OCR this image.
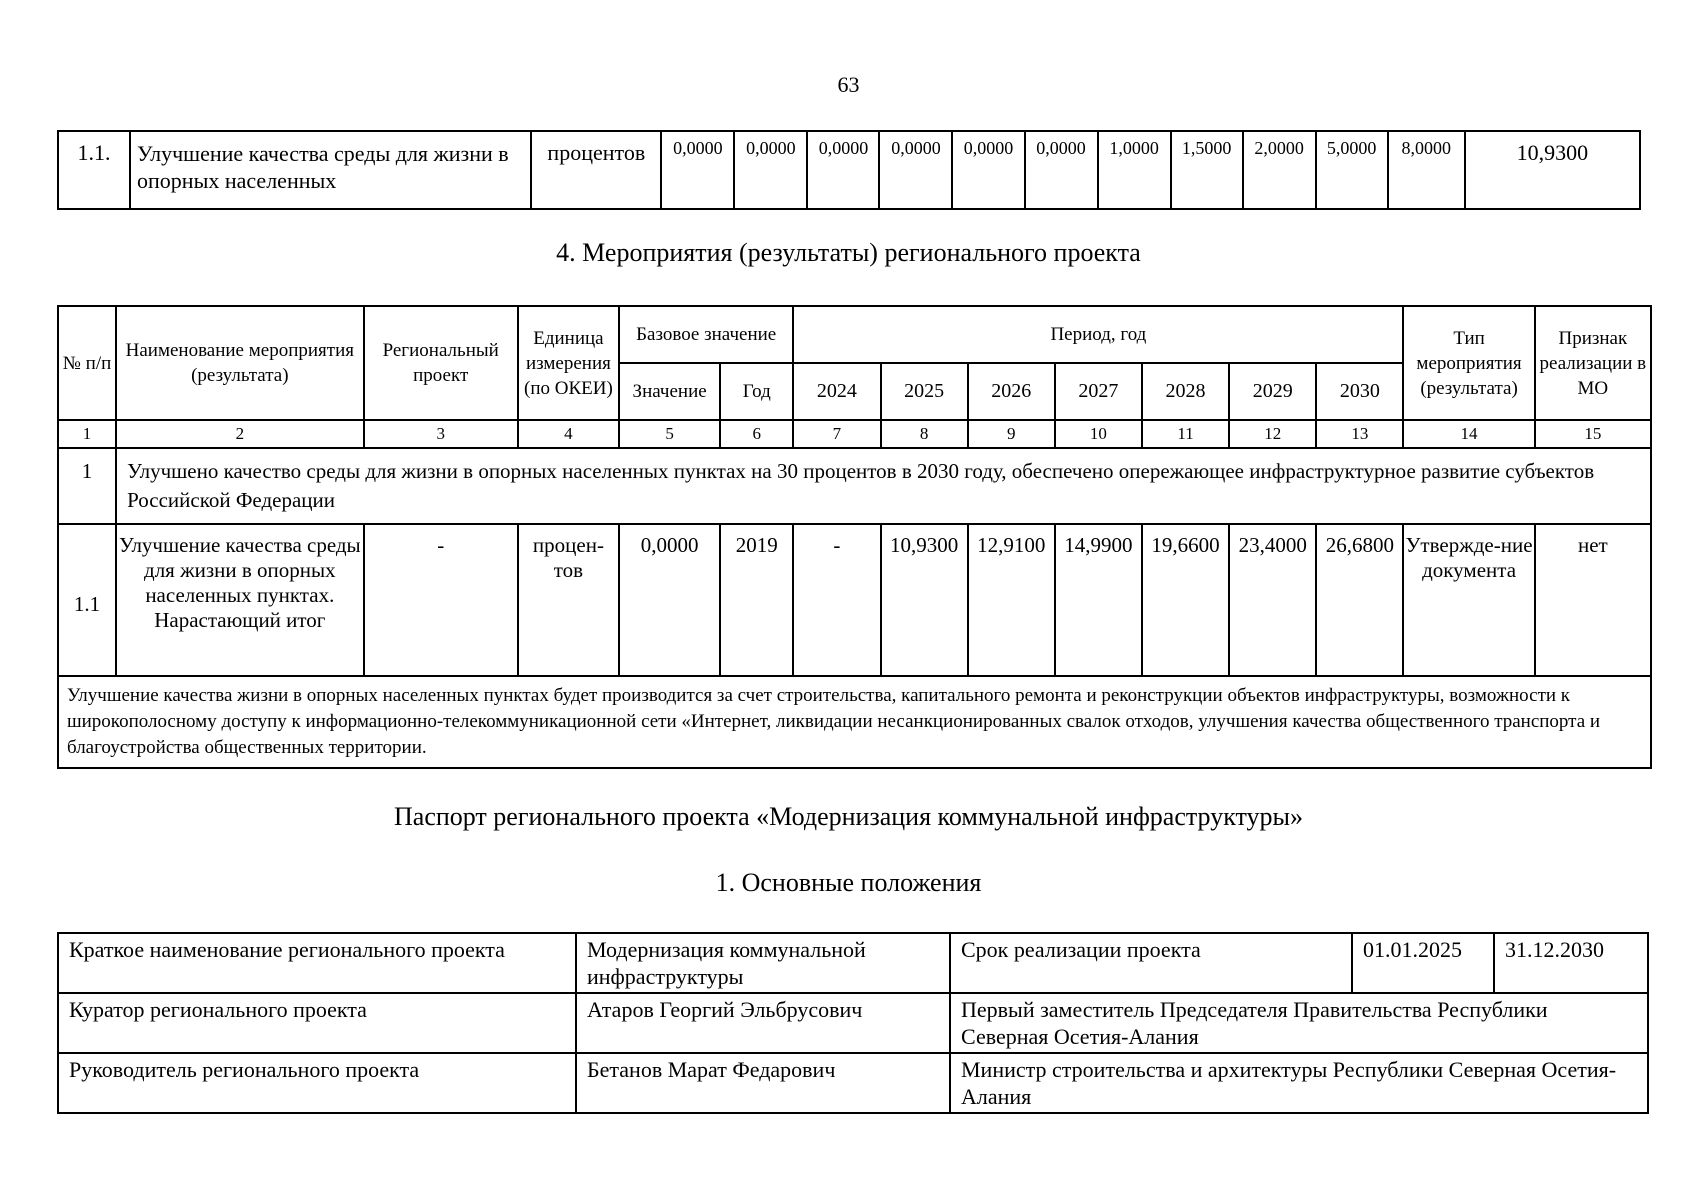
63
1.1.	Улучшение качества среды для жизни в опорных населенных	процентов	0,0000	0,0000	0,0000	0,0000	0,0000	0,0000	1,0000	1,5000	2,0000	5,0000	8,0000	10,9300
4. Мероприятия (результаты) регионального проекта
№ п/п	Наименование мероприятия (результата)	Региональный проект	Единица измерения (по ОКЕИ)	Базовое значение		Период, год							Тип мероприятия (результата)	Признак реализации в МО
				Значение	Год	2024	2025	2026	2027	2028	2029	2030		
1	2	3	4	5	6	7	8	9	10	11	12	13	14	15
1	Улучшено качество среды для жизни в опорных населенных пунктах на 30 процентов в 2030 году, обеспечено опережающее инфраструктурное развитие субъектов Российской Федерации													
1.1	Улучшение качества среды для жизни в опорных населенных пунктах. Нарастающий итог	-	процен-тов	0,0000	2019	-	10,9300	12,9100	14,9900	19,6600	23,4000	26,6800	Утвержде-ние документа	нет
Улучшение качества жизни в опорных населенных пунктах будет производится за счет строительства, капитального ремонта и реконструкции объектов инфраструктуры, возможности к широкополосному доступу к информационно-телекоммуникационной сети «Интернет, ликвидации несанкционированных свалок отходов, улучшения качества общественного транспорта и благоустройства общественных территории.														
Паспорт регионального проекта «Модернизация коммунальной инфраструктуры»
1. Основные положения
Краткое наименование регионального проекта	Модернизация коммунальной инфраструктуры	Срок реализации проекта	01.01.2025	31.12.2030
Куратор регионального проекта	Атаров Георгий Эльбрусович	Первый заместитель Председателя Правительства Республики Северная Осетия-Алания		
Руководитель регионального проекта	Бетанов Марат Федарович	Министр строительства и архитектуры Республики Северная Осетия-Алания		
